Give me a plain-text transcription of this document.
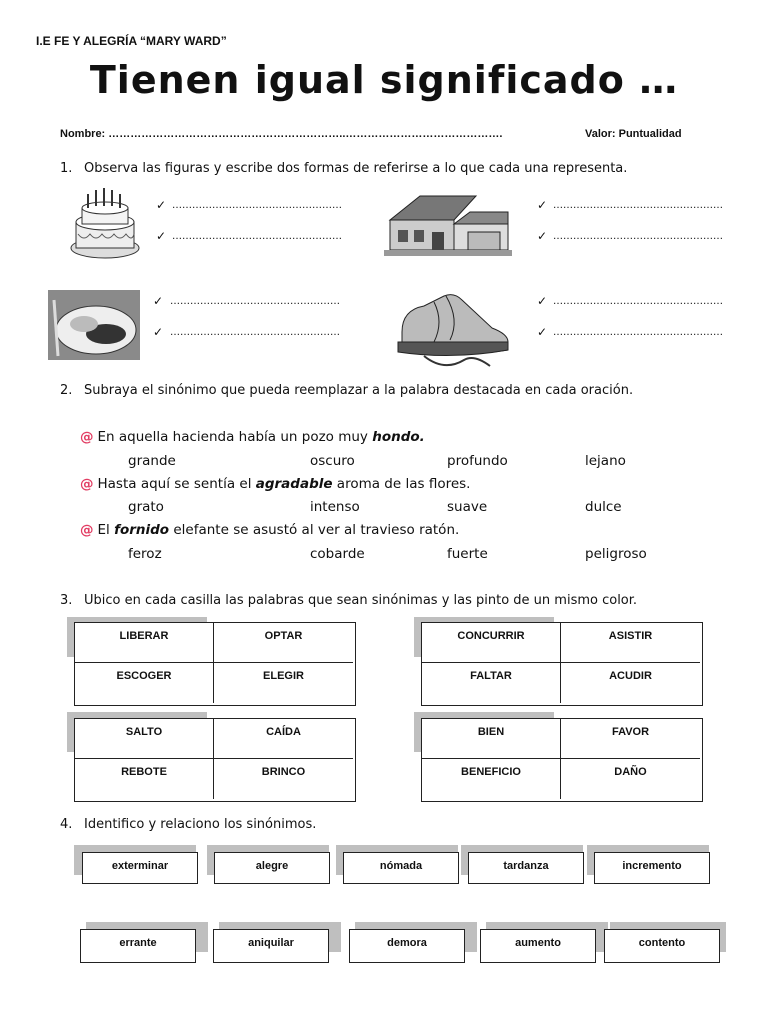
I.E FE Y ALEGRÍA “MARY WARD”
Tienen igual significado …
Nombre: ………………………………………………………..…………………………………….	Valor: Puntualidad
1. Observa las figuras y escribe dos formas de referirse a lo que cada una representa.
✓ ……………………………………………
✓ ……………………………………………
✓ ……………………………………………
✓ ……………………………………………
✓ ……………………………………………
✓ ……………………………………………
✓ ……………………………………………
✓ ……………………………………………
2. Subraya el sinónimo que pueda reemplazar a la palabra destacada en cada oración.
@ En aquella hacienda había un pozo muy hondo.
grande	oscuro	profundo	lejano
@ Hasta aquí se sentía el agradable aroma de las flores.
grato	intenso	suave	dulce
@ El fornido elefante se asustó al ver al travieso ratón.
feroz	cobarde	fuerte	peligroso
3. Ubico en cada casilla las palabras que sean sinónimas y las pinto de un mismo color.
LIBERAR	OPTAR
ESCOGER	ELEGIR
CONCURRIR	ASISTIR
FALTAR	ACUDIR
SALTO	CAÍDA
REBOTE	BRINCO
BIEN	FAVOR
BENEFICIO	DAÑO
4. Identifico y relaciono los sinónimos.
exterminar	alegre	nómada	tardanza	incremento
errante	aniquilar	demora	aumento	contento
